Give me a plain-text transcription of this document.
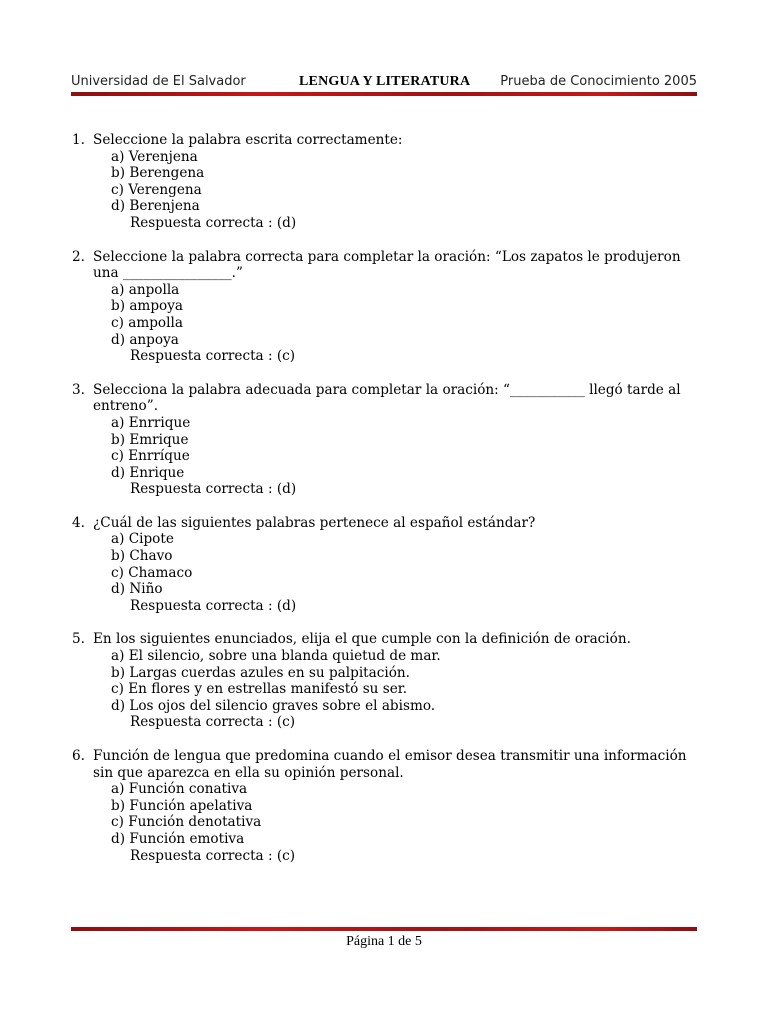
Universidad de El Salvador	LENGUA Y LITERATURA Prueba de Conocimiento 2005
1. Seleccione la palabra escrita correctamente:
a) Verenjena
b) Berengena
c) Verengena
d) Berenjena
Respuesta correcta : (d)
2. Seleccione la palabra correcta para completar la oración: “Los zapatos le produjeron una ________________.”
a) anpolla
b) ampoya
c) ampolla
d) anpoya
Respuesta correcta : (c)
3. Selecciona la palabra adecuada para completar la oración: “___________ llegó tarde al entreno”.
a) Enrrique
b) Emrique
c) Enrríque
d) Enrique
Respuesta correcta : (d)
4. ¿Cuál de las siguientes palabras pertenece al español estándar?
a) Cipote
b) Chavo
c) Chamaco
d) Niño
Respuesta correcta : (d)
5. En los siguientes enunciados, elija el que cumple con la definición de oración.
a) El silencio, sobre una blanda quietud de mar.
b) Largas cuerdas azules en su palpitación.
c) En flores y en estrellas manifestó su ser.
d) Los ojos del silencio graves sobre el abismo.
Respuesta correcta : (c)
6. Función de lengua que predomina cuando el emisor desea transmitir una información sin que aparezca en ella su opinión personal.
a) Función conativa
b) Función apelativa
c) Función denotativa
d) Función emotiva
Respuesta correcta : (c)
Página 1 de 5
